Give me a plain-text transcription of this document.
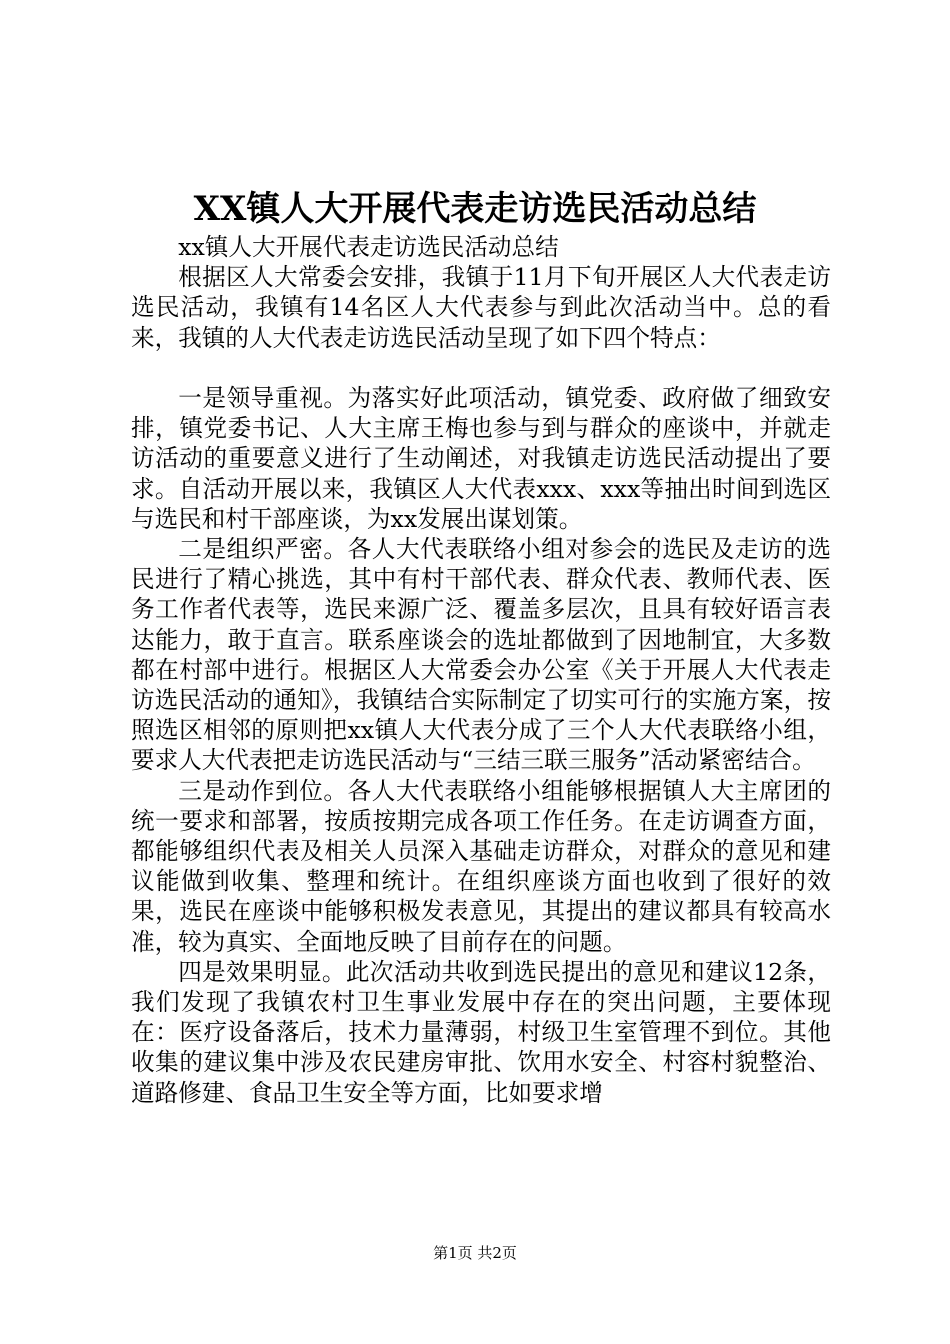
XX镇人大开展代表走访选民活动总结

xx镇人大开展代表走访选民活动总结

根据区人大常委会安排，我镇于11月下旬开展区人大代表走访选民活动，我镇有14名区人大代表参与到此次活动当中。总的看来，我镇的人大代表走访选民活动呈现了如下四个特点：

一是领导重视。为落实好此项活动，镇党委、政府做了细致安排，镇党委书记、人大主席王梅也参与到与群众的座谈中，并就走访活动的重要意义进行了生动阐述，对我镇走访选民活动提出了要求。自活动开展以来，我镇区人大代表xxx、xxx等抽出时间到选区与选民和村干部座谈，为xx发展出谋划策。

二是组织严密。各人大代表联络小组对参会的选民及走访的选民进行了精心挑选，其中有村干部代表、群众代表、教师代表、医务工作者代表等，选民来源广泛、覆盖多层次，且具有较好语言表达能力，敢于直言。联系座谈会的选址都做到了因地制宜，大多数都在村部中进行。根据区人大常委会办公室《关于开展人大代表走访选民活动的通知》，我镇结合实际制定了切实可行的实施方案，按照选区相邻的原则把xx镇人大代表分成了三个人大代表联络小组，要求人大代表把走访选民活动与“三结三联三服务”活动紧密结合。

三是动作到位。各人大代表联络小组能够根据镇人大主席团的统一要求和部署，按质按期完成各项工作任务。在走访调查方面，都能够组织代表及相关人员深入基础走访群众，对群众的意见和建议能做到收集、整理和统计。在组织座谈方面也收到了很好的效果，选民在座谈中能够积极发表意见，其提出的建议都具有较高水准，较为真实、全面地反映了目前存在的问题。

四是效果明显。此次活动共收到选民提出的意见和建议12条，我们发现了我镇农村卫生事业发展中存在的突出问题，主要体现在：医疗设备落后，技术力量薄弱，村级卫生室管理不到位。其他收集的建议集中涉及农民建房审批、饮用水安全、村容村貌整治、道路修建、食品卫生安全等方面，比如要求增

第1页 共2页
